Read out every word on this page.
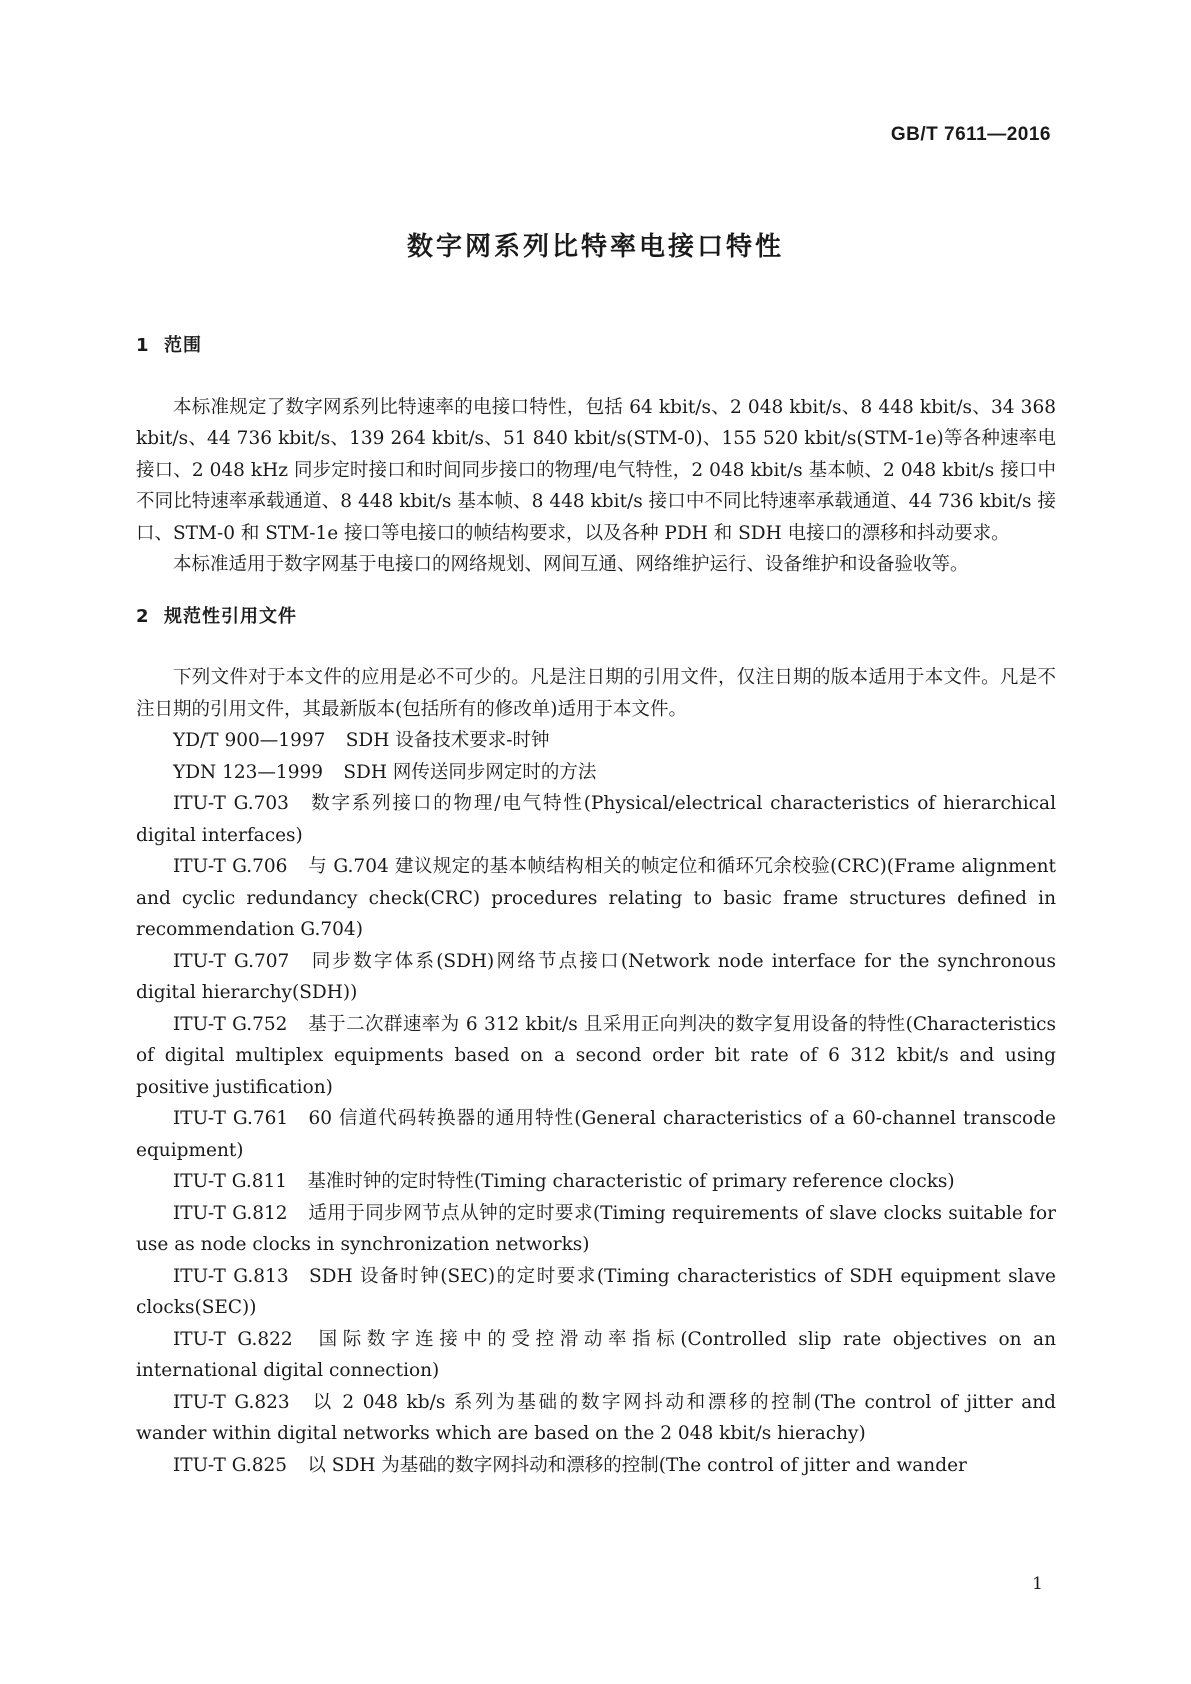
GB/T 7611—2016
数字网系列比特率电接口特性
1 范围

本标准规定了数字网系列比特速率的电接口特性，包括 64 kbit/s、2 048 kbit/s、8 448 kbit/s、34 368 kbit/s、44 736 kbit/s、139 264 kbit/s、51 840 kbit/s(STM-0)、155 520 kbit/s(STM-1e)等各种速率电接口、2 048 kHz 同步定时接口和时间同步接口的物理/电气特性，2 048 kbit/s 基本帧、2 048 kbit/s 接口中不同比特速率承载通道、8 448 kbit/s 基本帧、8 448 kbit/s 接口中不同比特速率承载通道、44 736 kbit/s 接口、STM-0 和 STM-1e 接口等电接口的帧结构要求，以及各种 PDH 和 SDH 电接口的漂移和抖动要求。

本标准适用于数字网基于电接口的网络规划、网间互通、网络维护运行、设备维护和设备验收等。

2 规范性引用文件

下列文件对于本文件的应用是必不可少的。凡是注日期的引用文件，仅注日期的版本适用于本文件。凡是不注日期的引用文件，其最新版本(包括所有的修改单)适用于本文件。

YD/T 900—1997 SDH 设备技术要求-时钟
YDN 123—1999 SDH 网传送同步网定时的方法
ITU-T G.703 数字系列接口的物理/电气特性(Physical/electrical characteristics of hierarchical digital interfaces)
ITU-T G.706 与 G.704 建议规定的基本帧结构相关的帧定位和循环冗余校验(CRC)(Frame alignment and cyclic redundancy check(CRC) procedures relating to basic frame structures defined in recommendation G.704)
ITU-T G.707 同步数字体系(SDH)网络节点接口(Network node interface for the synchronous digital hierarchy(SDH))
ITU-T G.752 基于二次群速率为 6 312 kbit/s 且采用正向判决的数字复用设备的特性(Characteristics of digital multiplex equipments based on a second order bit rate of 6 312 kbit/s and using positive justification)
ITU-T G.761 60 信道代码转换器的通用特性(General characteristics of a 60-channel transcode equipment)
ITU-T G.811 基准时钟的定时特性(Timing characteristic of primary reference clocks)
ITU-T G.812 适用于同步网节点从钟的定时要求(Timing requirements of slave clocks suitable for use as node clocks in synchronization networks)
ITU-T G.813 SDH 设备时钟(SEC)的定时要求(Timing characteristics of SDH equipment slave clocks(SEC))
ITU-T G.822 国际数字连接中的受控滑动率指标(Controlled slip rate objectives on an international digital connection)
ITU-T G.823 以 2 048 kb/s 系列为基础的数字网抖动和漂移的控制(The control of jitter and wander within digital networks which are based on the 2 048 kbit/s hierachy)
ITU-T G.825 以 SDH 为基础的数字网抖动和漂移的控制(The control of jitter and wander
1
